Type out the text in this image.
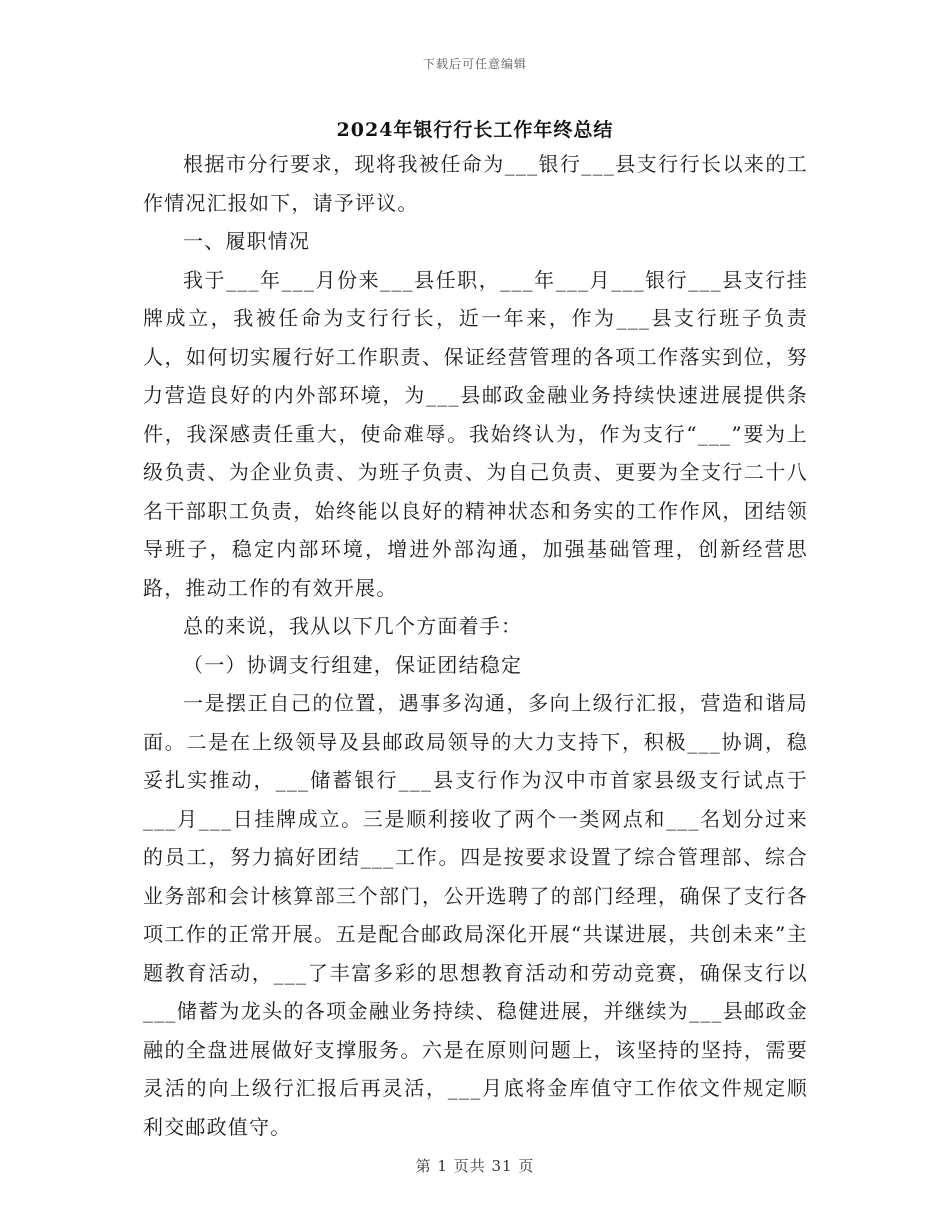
下载后可任意编辑
2024年银行行长工作年终总结

根据市分行要求，现将我被任命为___银行___县支行行长以来的工作情况汇报如下，请予评议。

一、履职情况

我于___年___月份来___县任职，___年___月___银行___县支行挂牌成立，我被任命为支行行长，近一年来，作为___县支行班子负责人，如何切实履行好工作职责、保证经营管理的各项工作落实到位，努力营造良好的内外部环境，为___县邮政金融业务持续快速进展提供条件，我深感责任重大，使命难辱。我始终认为，作为支行“___”要为上级负责、为企业负责、为班子负责、为自己负责、更要为全支行二十八名干部职工负责，始终能以良好的精神状态和务实的工作作风，团结领导班子，稳定内部环境，增进外部沟通，加强基础管理，创新经营思路，推动工作的有效开展。

总的来说，我从以下几个方面着手：

（一）协调支行组建，保证团结稳定

一是摆正自己的位置，遇事多沟通，多向上级行汇报，营造和谐局面。二是在上级领导及县邮政局领导的大力支持下，积极___协调，稳妥扎实推动，___储蓄银行___县支行作为汉中市首家县级支行试点于___月___日挂牌成立。三是顺利接收了两个一类网点和___名划分过来的员工，努力搞好团结___工作。四是按要求设置了综合管理部、综合业务部和会计核算部三个部门，公开选聘了的部门经理，确保了支行各项工作的正常开展。五是配合邮政局深化开展“共谋进展，共创未来”主题教育活动，___了丰富多彩的思想教育活动和劳动竞赛，确保支行以___储蓄为龙头的各项金融业务持续、稳健进展，并继续为___县邮政金融的全盘进展做好支撑服务。六是在原则问题上，该坚持的坚持，需要灵活的向上级行汇报后再灵活，___月底将金库值守工作依文件规定顺利交邮政值守。

第 1 页共 31 页
